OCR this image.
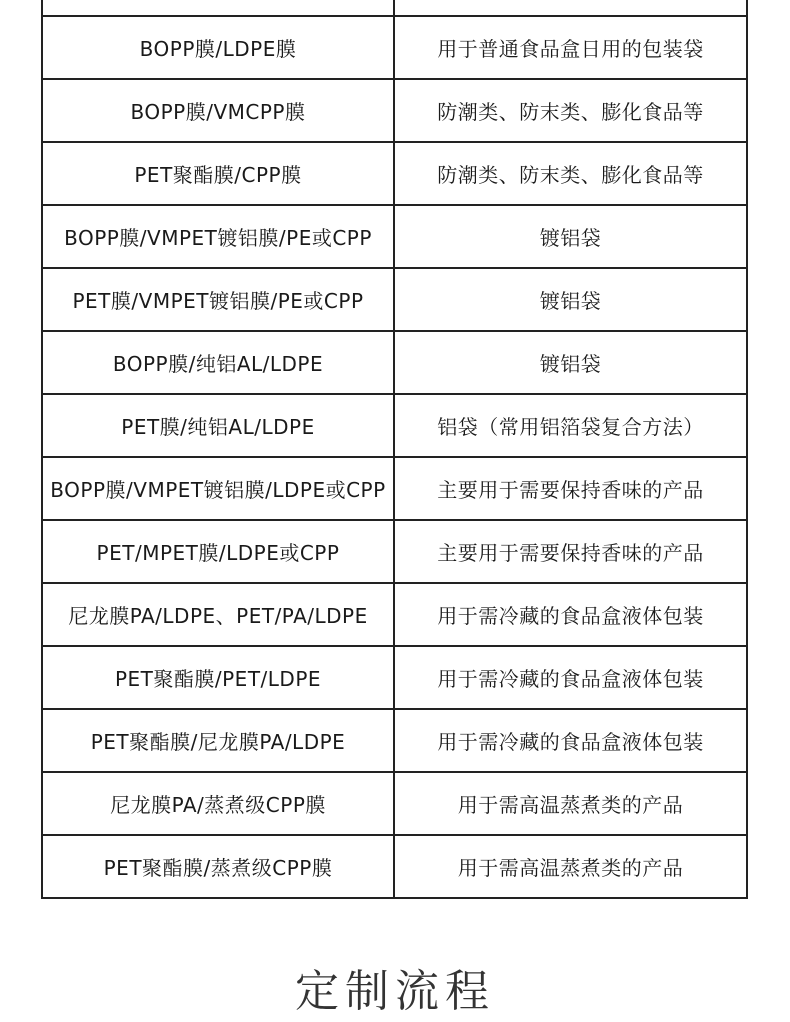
BOPP膜/LDPE膜	用于普通食品盒日用的包装袋
BOPP膜/VMCPP膜	防潮类、防末类、膨化食品等
PET聚酯膜/CPP膜	防潮类、防末类、膨化食品等
BOPP膜/VMPET镀铝膜/PE或CPP	镀铝袋
PET膜/VMPET镀铝膜/PE或CPP	镀铝袋
BOPP膜/纯铝AL/LDPE	镀铝袋
PET膜/纯铝AL/LDPE	铝袋（常用铝箔袋复合方法）
BOPP膜/VMPET镀铝膜/LDPE或CPP	主要用于需要保持香味的产品
PET/MPET膜/LDPE或CPP	主要用于需要保持香味的产品
尼龙膜PA/LDPE、PET/PA/LDPE	用于需冷藏的食品盒液体包装
PET聚酯膜/PET/LDPE	用于需冷藏的食品盒液体包装
PET聚酯膜/尼龙膜PA/LDPE	用于需冷藏的食品盒液体包装
尼龙膜PA/蒸煮级CPP膜	用于需高温蒸煮类的产品
PET聚酯膜/蒸煮级CPP膜	用于需高温蒸煮类的产品
定制流程
